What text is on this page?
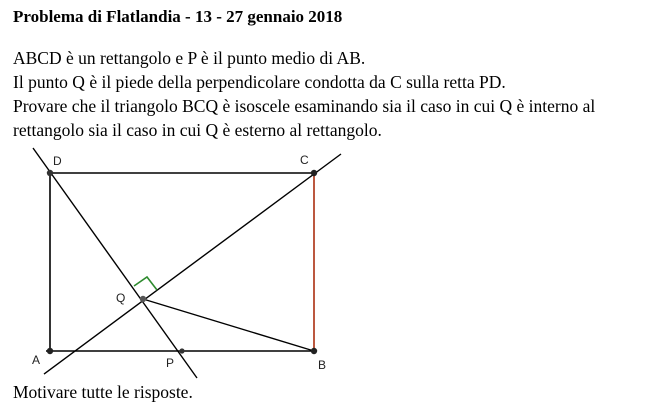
Problema di Flatlandia - 13 - 27 gennaio 2018
ABCD è un rettangolo e P è il punto medio di AB.
Il punto Q è il piede della perpendicolare condotta da C sulla retta PD.
Provare che il triangolo BCQ è isoscele esaminando sia il caso in cui Q è interno al
rettangolo sia il caso in cui Q è esterno al rettangolo.
D	C
A	B
P
Q
Motivare tutte le risposte.
